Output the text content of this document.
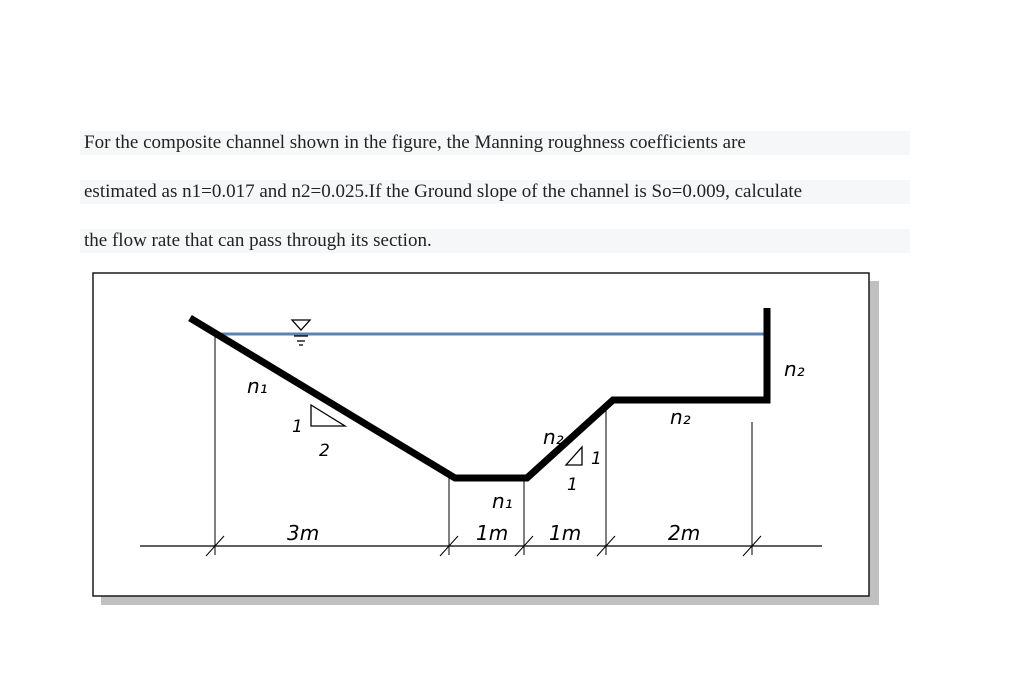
For the composite channel shown in the figure, the Manning roughness coefficients are
estimated as n1=0.017 and n2=0.025.If the Ground slope of the channel is So=0.009, calculate
the flow rate that can pass through its section.
n₁
1
2
n₂
1
1
n₁
n₂
n₂
3m	1m 1m	2m
